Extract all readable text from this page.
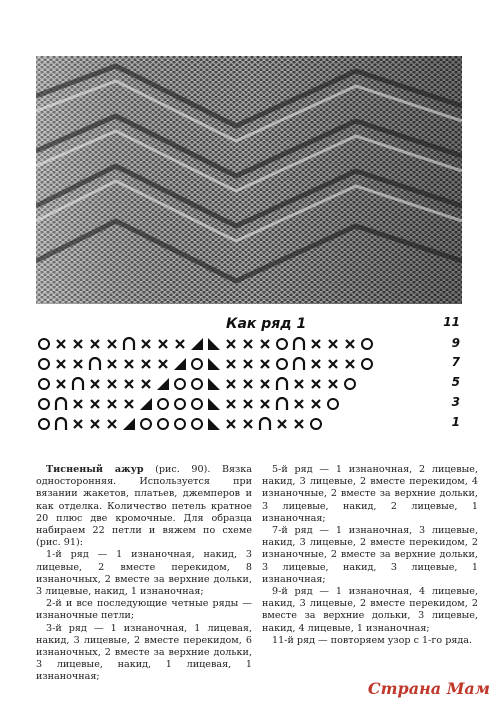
Как ряд 1	11
9
7
5
3
1

Тисненый ажур (рис. 90). Вязка односторонняя. Используется при вязании жакетов, платьев, джемперов и как отделка. Количество петель кратное 20 плюс две кромочные. Для образца набираем 22 петли и вяжем по схеме (рис. 91):

1-й ряд — 1 изнаночная, накид, 3 лицевые, 2 вместе перекидом, 8 изнаночных, 2 вместе за верхние дольки, 3 лицевые, накид, 1 изнаночная;

2-й и все последующие четные ряды — изнаночные петли;

3-й ряд — 1 изнаночная, 1 лицевая, накид, 3 лицевые, 2 вместе перекидом, 6 изнаночных, 2 вместе за верхние дольки, 3 лицевые, накид, 1 лицевая, 1 изнаночная;

5-й ряд — 1 изнаночная, 2 лицевые, накид, 3 лицевые, 2 вместе перекидом, 4 изнаночные, 2 вместе за верхние дольки, 3 лицевые, накид, 2 лицевые, 1 изнаночная;

7-й ряд — 1 изнаночная, 3 лицевые, накид, 3 лицевые, 2 вместе перекидом, 2 изнаночные, 2 вместе за верхние дольки, 3 лицевые, накид, 3 лицевые, 1 изнаночная;

9-й ряд — 1 изнаночная, 4 лицевые, накид, 3 лицевые, 2 вместе перекидом, 2 вместе за верхние дольки, 3 лицевые, накид, 4 лицевые, 1 изнаночная;

11-й ряд — повторяем узор с 1-го ряда.

Страна Мам
